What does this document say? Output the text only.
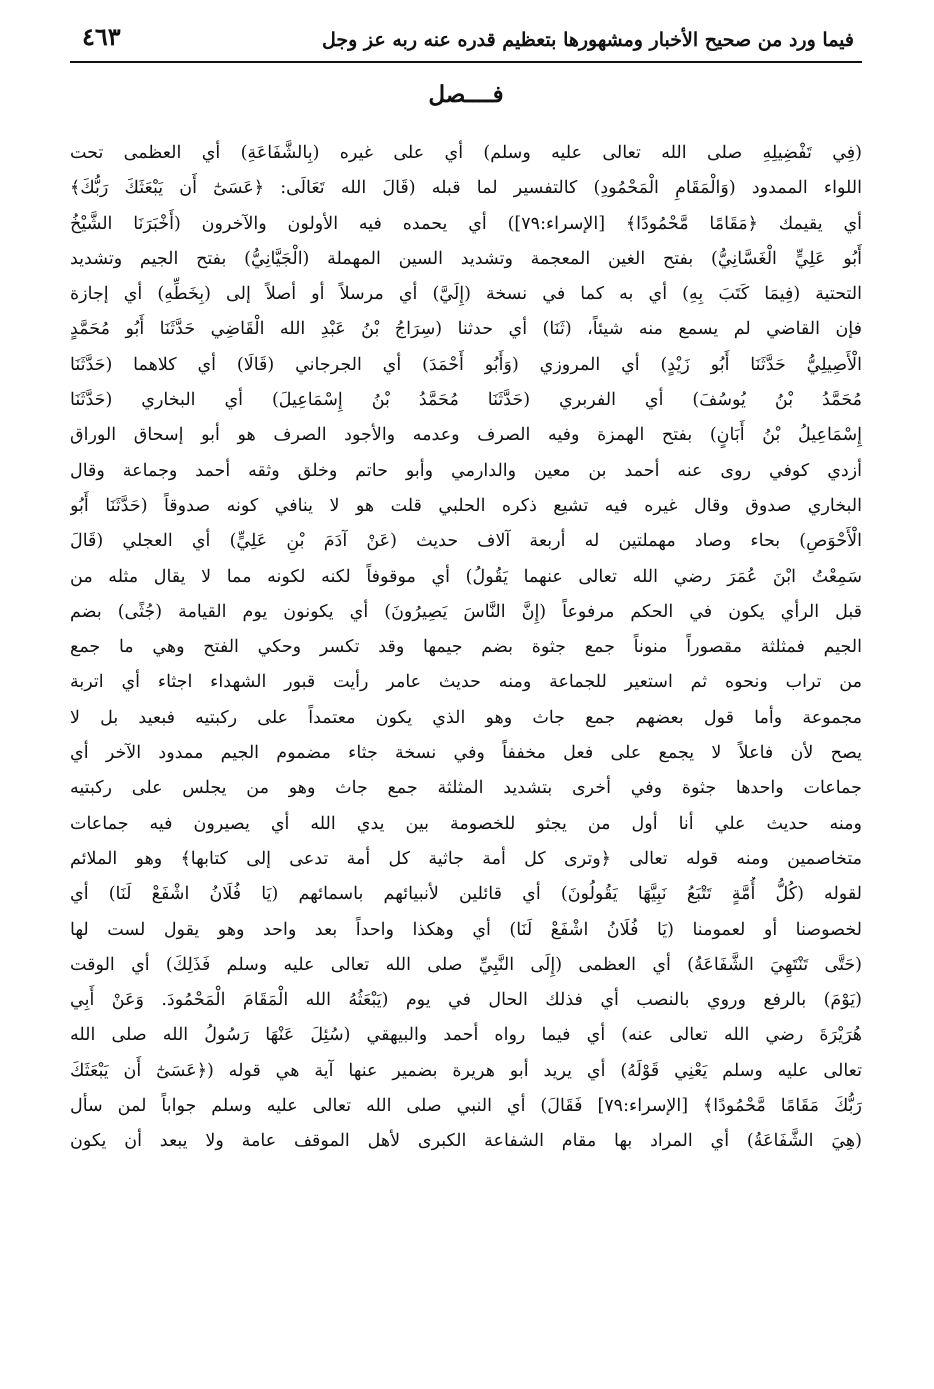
فيما ورد من صحيح الأخبار ومشهورها بتعظيم قدره عنه ربه عز وجل
٤٦٣
فــــصل
(فِي تَفْضِيلِهِ صلى الله تعالى عليه وسلم) أي على غيره (بِالشَّفَاعَةِ) أي العظمى تحت
اللواء الممدود (وَالْمَقَامِ الْمَحْمُودِ) كالتفسير لما قبله (قَالَ الله تَعَالَى: ﴿عَسَىٰٓ أَن يَبْعَثَكَ رَبُّكَ﴾
أي يقيمك ﴿مَقَامًا مَّحْمُودًا﴾ [الإسراء:٧٩]) أي يحمده فيه الأولون والآخرون (أَخْبَرَنَا الشَّيْخُ
أَبُو عَلِيٍّ الْغَسَّانِيُّ) بفتح الغين المعجمة وتشديد السين المهملة (الْجَيَّانِيُّ) بفتح الجيم وتشديد
التحتية (فِيمَا كَتَبَ بِهِ) أي به كما في نسخة (إِلَيَّ) أي مرسلاً أو أصلاً إلى (بِخَطِّهِ) أي إجازة
فإن القاضي لم يسمع منه شيئاً، (ثَنَا) أي حدثنا (سِرَاجُ بْنُ عَبْدِ الله الْقَاضِي حَدَّثَنَا أَبُو مُحَمَّدٍ
الْأَصِيلِيُّ حَدَّثَنَا أَبُو زَيْدٍ) أي المروزي (وَأَبُو أَحْمَدَ) أي الجرجاني (قَالَا) أي كلاهما (حَدَّثَنَا
مُحَمَّدُ بْنُ يُوسُفَ) أي الفربري (حَدَّثَنَا مُحَمَّدُ بْنُ إِسْمَاعِيلَ) أي البخاري (حَدَّثَنَا
إِسْمَاعِيلُ بْنُ أَبَانٍ) بفتح الهمزة وفيه الصرف وعدمه والأجود الصرف هو أبو إسحاق الوراق
أزدي كوفي روى عنه أحمد بن معين والدارمي وأبو حاتم وخلق وثقه أحمد وجماعة وقال
البخاري صدوق وقال غيره فيه تشيع ذكره الحلبي قلت هو لا ينافي كونه صدوقاً (حَدَّثَنَا أَبُو
الْأَحْوَصِ) بحاء وصاد مهملتين له أربعة آلاف حديث (عَنْ آدَمَ بْنِ عَلِيٍّ) أي العجلي (قَالَ
سَمِعْتُ ابْنَ عُمَرَ رضي الله تعالى عنهما يَقُولُ) أي موقوفاً لكنه لكونه مما لا يقال مثله من
قبل الرأي يكون في الحكم مرفوعاً (إِنَّ النَّاسَ يَصِيرُونَ) أي يكونون يوم القيامة (جُثًى) بضم
الجيم فمثلثة مقصوراً منوناً جمع جثوة بضم جيمها وقد تكسر وحكي الفتح وهي ما جمع
من تراب ونحوه ثم استعير للجماعة ومنه حديث عامر رأيت قبور الشهداء اجثاء أي اتربة
مجموعة وأما قول بعضهم جمع جاث وهو الذي يكون معتمداً على ركبتيه فبعيد بل لا
يصح لأن فاعلاً لا يجمع على فعل مخففاً وفي نسخة جثاء مضموم الجيم ممدود الآخر أي
جماعات واحدها جثوة وفي أخرى بتشديد المثلثة جمع جاث وهو من يجلس على ركبتيه
ومنه حديث علي أنا أول من يجثو للخصومة بين يدي الله أي يصيرون فيه جماعات
متخاصمين ومنه قوله تعالى ﴿وترى كل أمة جاثية كل أمة تدعى إلى كتابها﴾ وهو الملائم
لقوله (كُلُّ أُمَّةٍ تَتْبَعُ نَبِيَّهَا يَقُولُونَ) أي قائلين لأنبيائهم باسمائهم (يَا فُلَانُ اشْفَعْ لَنَا) أي
لخصوصنا أو لعمومنا (يَا فُلَانُ اشْفَعْ لَنَا) أي وهكذا واحداً بعد واحد وهو يقول لست لها
(حَتَّى تَنْتَهِيَ الشَّفَاعَةُ) أي العظمى (إِلَى النَّبِيِّ صلى الله تعالى عليه وسلم فَذَلِكَ) أي الوقت
(يَوْمَ) بالرفع وروي بالنصب أي فذلك الحال في يوم (يَبْعَثُهُ الله الْمَقَامَ الْمَحْمُودَ. وَعَنْ أَبِي
هُرَيْرَةَ رضي الله تعالى عنه) أي فيما رواه أحمد والبيهقي (سُئِلَ عَنْهَا رَسُولُ الله صلى الله
تعالى عليه وسلم يَعْنِي قَوْلَهُ) أي يريد أبو هريرة بضمير عنها آية هي قوله (﴿عَسَىٰٓ أَن يَبْعَثَكَ
رَبُّكَ مَقَامًا مَّحْمُودًا﴾ [الإسراء:٧٩] فَقَالَ) أي النبي صلى الله تعالى عليه وسلم جواباً لمن سأل
(هِيَ الشَّفَاعَةُ) أي المراد بها مقام الشفاعة الكبرى لأهل الموقف عامة ولا يبعد أن يكون
